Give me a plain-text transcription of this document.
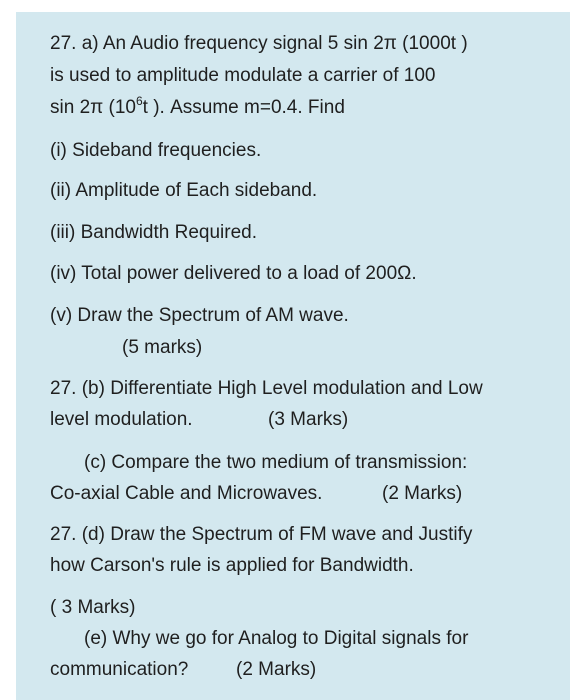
27. a) An Audio frequency signal 5 sin 2π (1000t )
is used to amplitude modulate a carrier of 100
sin 2π ($10^6t$ ). Assume m=0.4. Find
(i) Sideband frequencies.
(ii) Amplitude of Each sideband.
(iii) Bandwidth Required.
(iv) Total power delivered to a load of 200Ω.
(v) Draw the Spectrum of AM wave.
(5 marks)
27. (b) Differentiate High Level modulation and Low
level modulation.	(3 Marks)
(c) Compare the two medium of transmission:
Co-axial Cable and Microwaves.	(2 Marks)
27. (d) Draw the Spectrum of FM wave and Justify
how Carson's rule is applied for Bandwidth.
( 3 Marks)
(e) Why we go for Analog to Digital signals for
communication?	(2 Marks)
